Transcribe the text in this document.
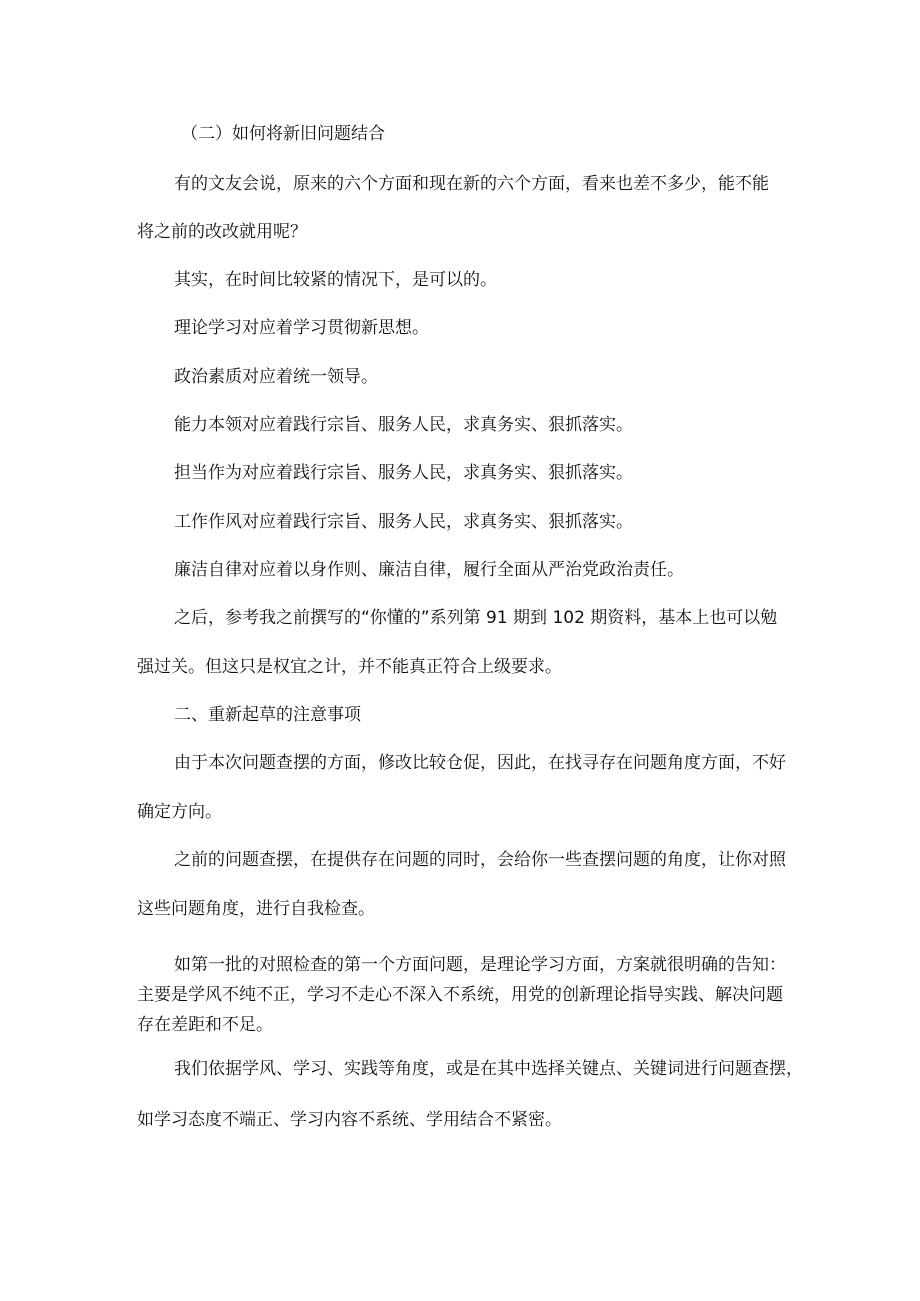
（二）如何将新旧问题结合
有的文友会说，原来的六个方面和现在新的六个方面，看来也差不多少，能不能
将之前的改改就用呢？
其实，在时间比较紧的情况下，是可以的。
理论学习对应着学习贯彻新思想。
政治素质对应着统一领导。
能力本领对应着践行宗旨、服务人民，求真务实、狠抓落实。
担当作为对应着践行宗旨、服务人民，求真务实、狠抓落实。
工作作风对应着践行宗旨、服务人民，求真务实、狠抓落实。
廉洁自律对应着以身作则、廉洁自律，履行全面从严治党政治责任。
之后，参考我之前撰写的“你懂的”系列第 91 期到 102 期资料，基本上也可以勉
强过关。但这只是权宜之计，并不能真正符合上级要求。
二、重新起草的注意事项
由于本次问题查摆的方面，修改比较仓促，因此，在找寻存在问题角度方面，不好
确定方向。
之前的问题查摆，在提供存在问题的同时，会给你一些查摆问题的角度，让你对照
这些问题角度，进行自我检查。
如第一批的对照检查的第一个方面问题，是理论学习方面，方案就很明确的告知：
主要是学风不纯不正，学习不走心不深入不系统，用党的创新理论指导实践、解决问题
存在差距和不足。
我们依据学风、学习、实践等角度，或是在其中选择关键点、关键词进行问题查摆，
如学习态度不端正、学习内容不系统、学用结合不紧密。
